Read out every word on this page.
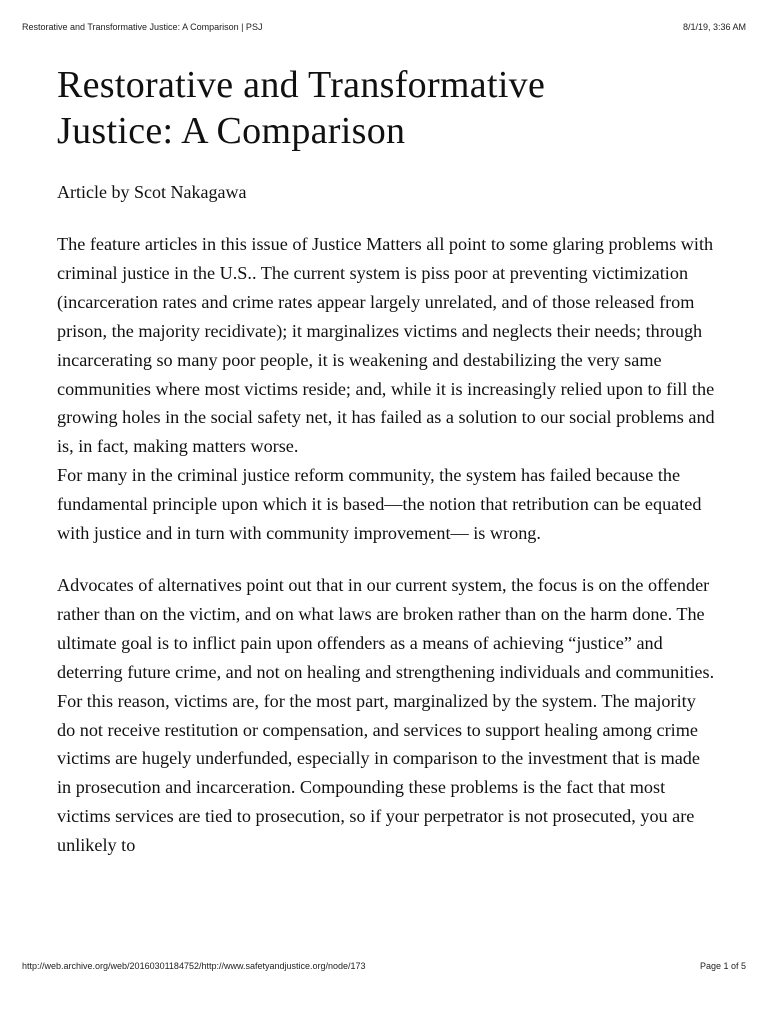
Restorative and Transformative Justice: A Comparison | PSJ	8/1/19, 3:36 AM
Restorative and Transformative
Justice: A Comparison

Article by Scot Nakagawa

The feature articles in this issue of Justice Matters all point to some glaring problems with criminal justice in the U.S.. The current system is piss poor at preventing victimization (incarceration rates and crime rates appear largely unrelated, and of those released from prison, the majority recidivate); it marginalizes victims and neglects their needs; through incarcerating so many poor people, it is weakening and destabilizing the very same communities where most victims reside; and, while it is increasingly relied upon to fill the growing holes in the social safety net, it has failed as a solution to our social problems and is, in fact, making matters worse.

For many in the criminal justice reform community, the system has failed because the fundamental principle upon which it is based—the notion that retribution can be equated with justice and in turn with community improvement— is wrong.

Advocates of alternatives point out that in our current system, the focus is on the offender rather than on the victim, and on what laws are broken rather than on the harm done. The ultimate goal is to inflict pain upon offenders as a means of achieving “justice” and deterring future crime, and not on healing and strengthening individuals and communities. For this reason, victims are, for the most part, marginalized by the system. The majority do not receive restitution or compensation, and services to support healing among crime victims are hugely underfunded, especially in comparison to the investment that is made in prosecution and incarceration. Compounding these problems is the fact that most victims services are tied to prosecution, so if your perpetrator is not prosecuted, you are unlikely to

http://web.archive.org/web/20160301184752/http://www.safetyandjustice.org/node/173	Page 1 of 5
